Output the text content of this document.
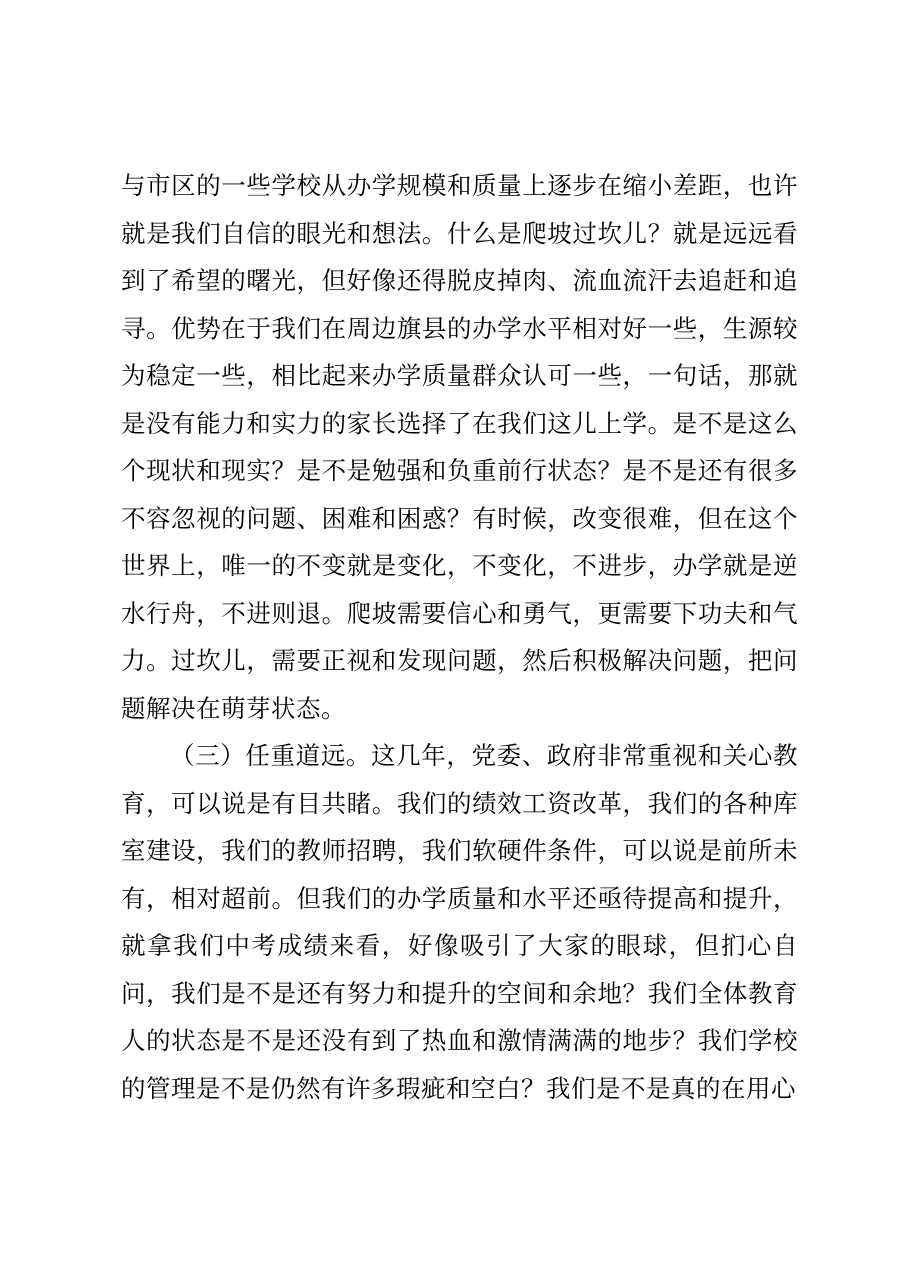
与市区的一些学校从办学规模和质量上逐步在缩小差距，也许就是我们自信的眼光和想法。什么是爬坡过坎儿？就是远远看到了希望的曙光，但好像还得脱皮掉肉、流血流汗去追赶和追寻。优势在于我们在周边旗县的办学水平相对好一些，生源较为稳定一些，相比起来办学质量群众认可一些，一句话，那就是没有能力和实力的家长选择了在我们这儿上学。是不是这么个现状和现实？是不是勉强和负重前行状态？是不是还有很多不容忽视的问题、困难和困惑？有时候，改变很难，但在这个世界上，唯一的不变就是变化，不变化，不进步，办学就是逆水行舟，不进则退。爬坡需要信心和勇气，更需要下功夫和气力。过坎儿，需要正视和发现问题，然后积极解决问题，把问题解决在萌芽状态。

（三）任重道远。这几年，党委、政府非常重视和关心教育，可以说是有目共睹。我们的绩效工资改革，我们的各种库室建设，我们的教师招聘，我们软硬件条件，可以说是前所未有，相对超前。但我们的办学质量和水平还亟待提高和提升，就拿我们中考成绩来看，好像吸引了大家的眼球，但扪心自问，我们是不是还有努力和提升的空间和余地？我们全体教育人的状态是不是还没有到了热血和激情满满的地步？我们学校的管理是不是仍然有许多瑕疵和空白？我们是不是真的在用心
